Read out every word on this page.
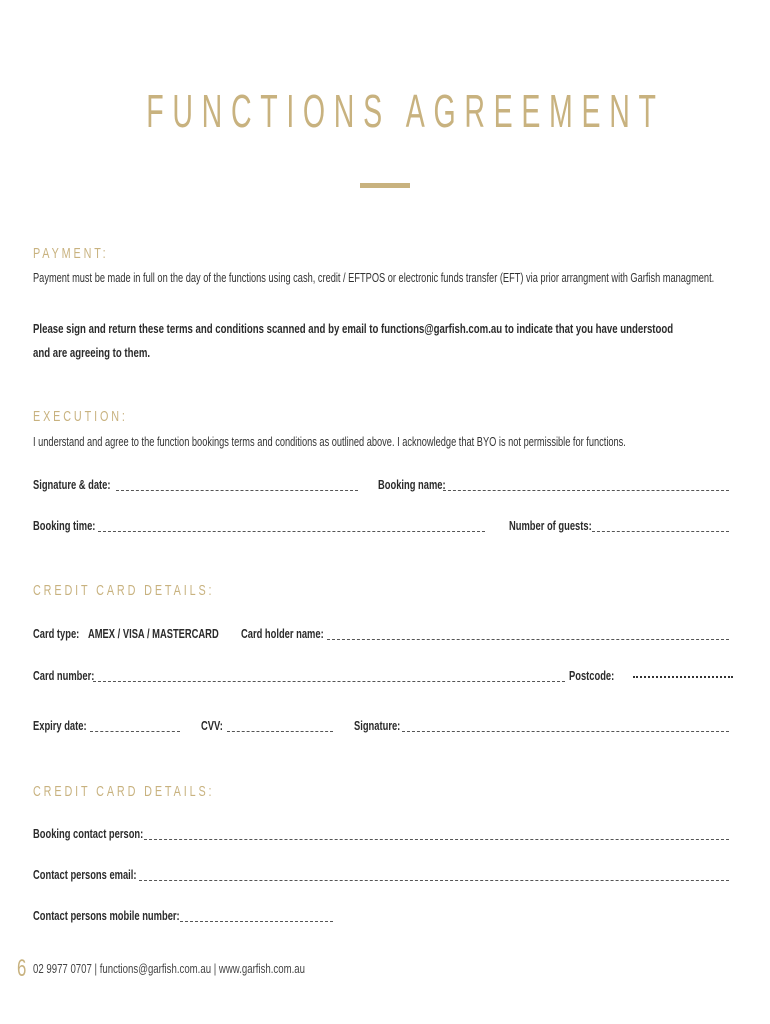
FUNCTIONS AGREEMENT
PAYMENT:
Payment must be made in full on the day of the functions using cash, credit / EFTPOS or electronic funds transfer (EFT) via prior arrangment with Garfish managment.
Please sign and return these terms and conditions scanned and by email to functions@garfish.com.au to indicate that you have understood
and are agreeing to them.
EXECUTION:
I understand and agree to the function bookings terms and conditions as outlined above. I acknowledge that BYO is not permissible for functions.
Signature & date:	Booking name:
Booking time:	Number of guests:
CREDIT CARD DETAILS:
Card type: AMEX / VISA / MASTERCARD Card holder name:
Card number:	Postcode:
Expiry date:	CVV:	Signature:
CREDIT CARD DETAILS:
Booking contact person:
Contact persons email:
Contact persons mobile number:
6 02 9977 0707 | functions@garfish.com.au | www.garfish.com.au
